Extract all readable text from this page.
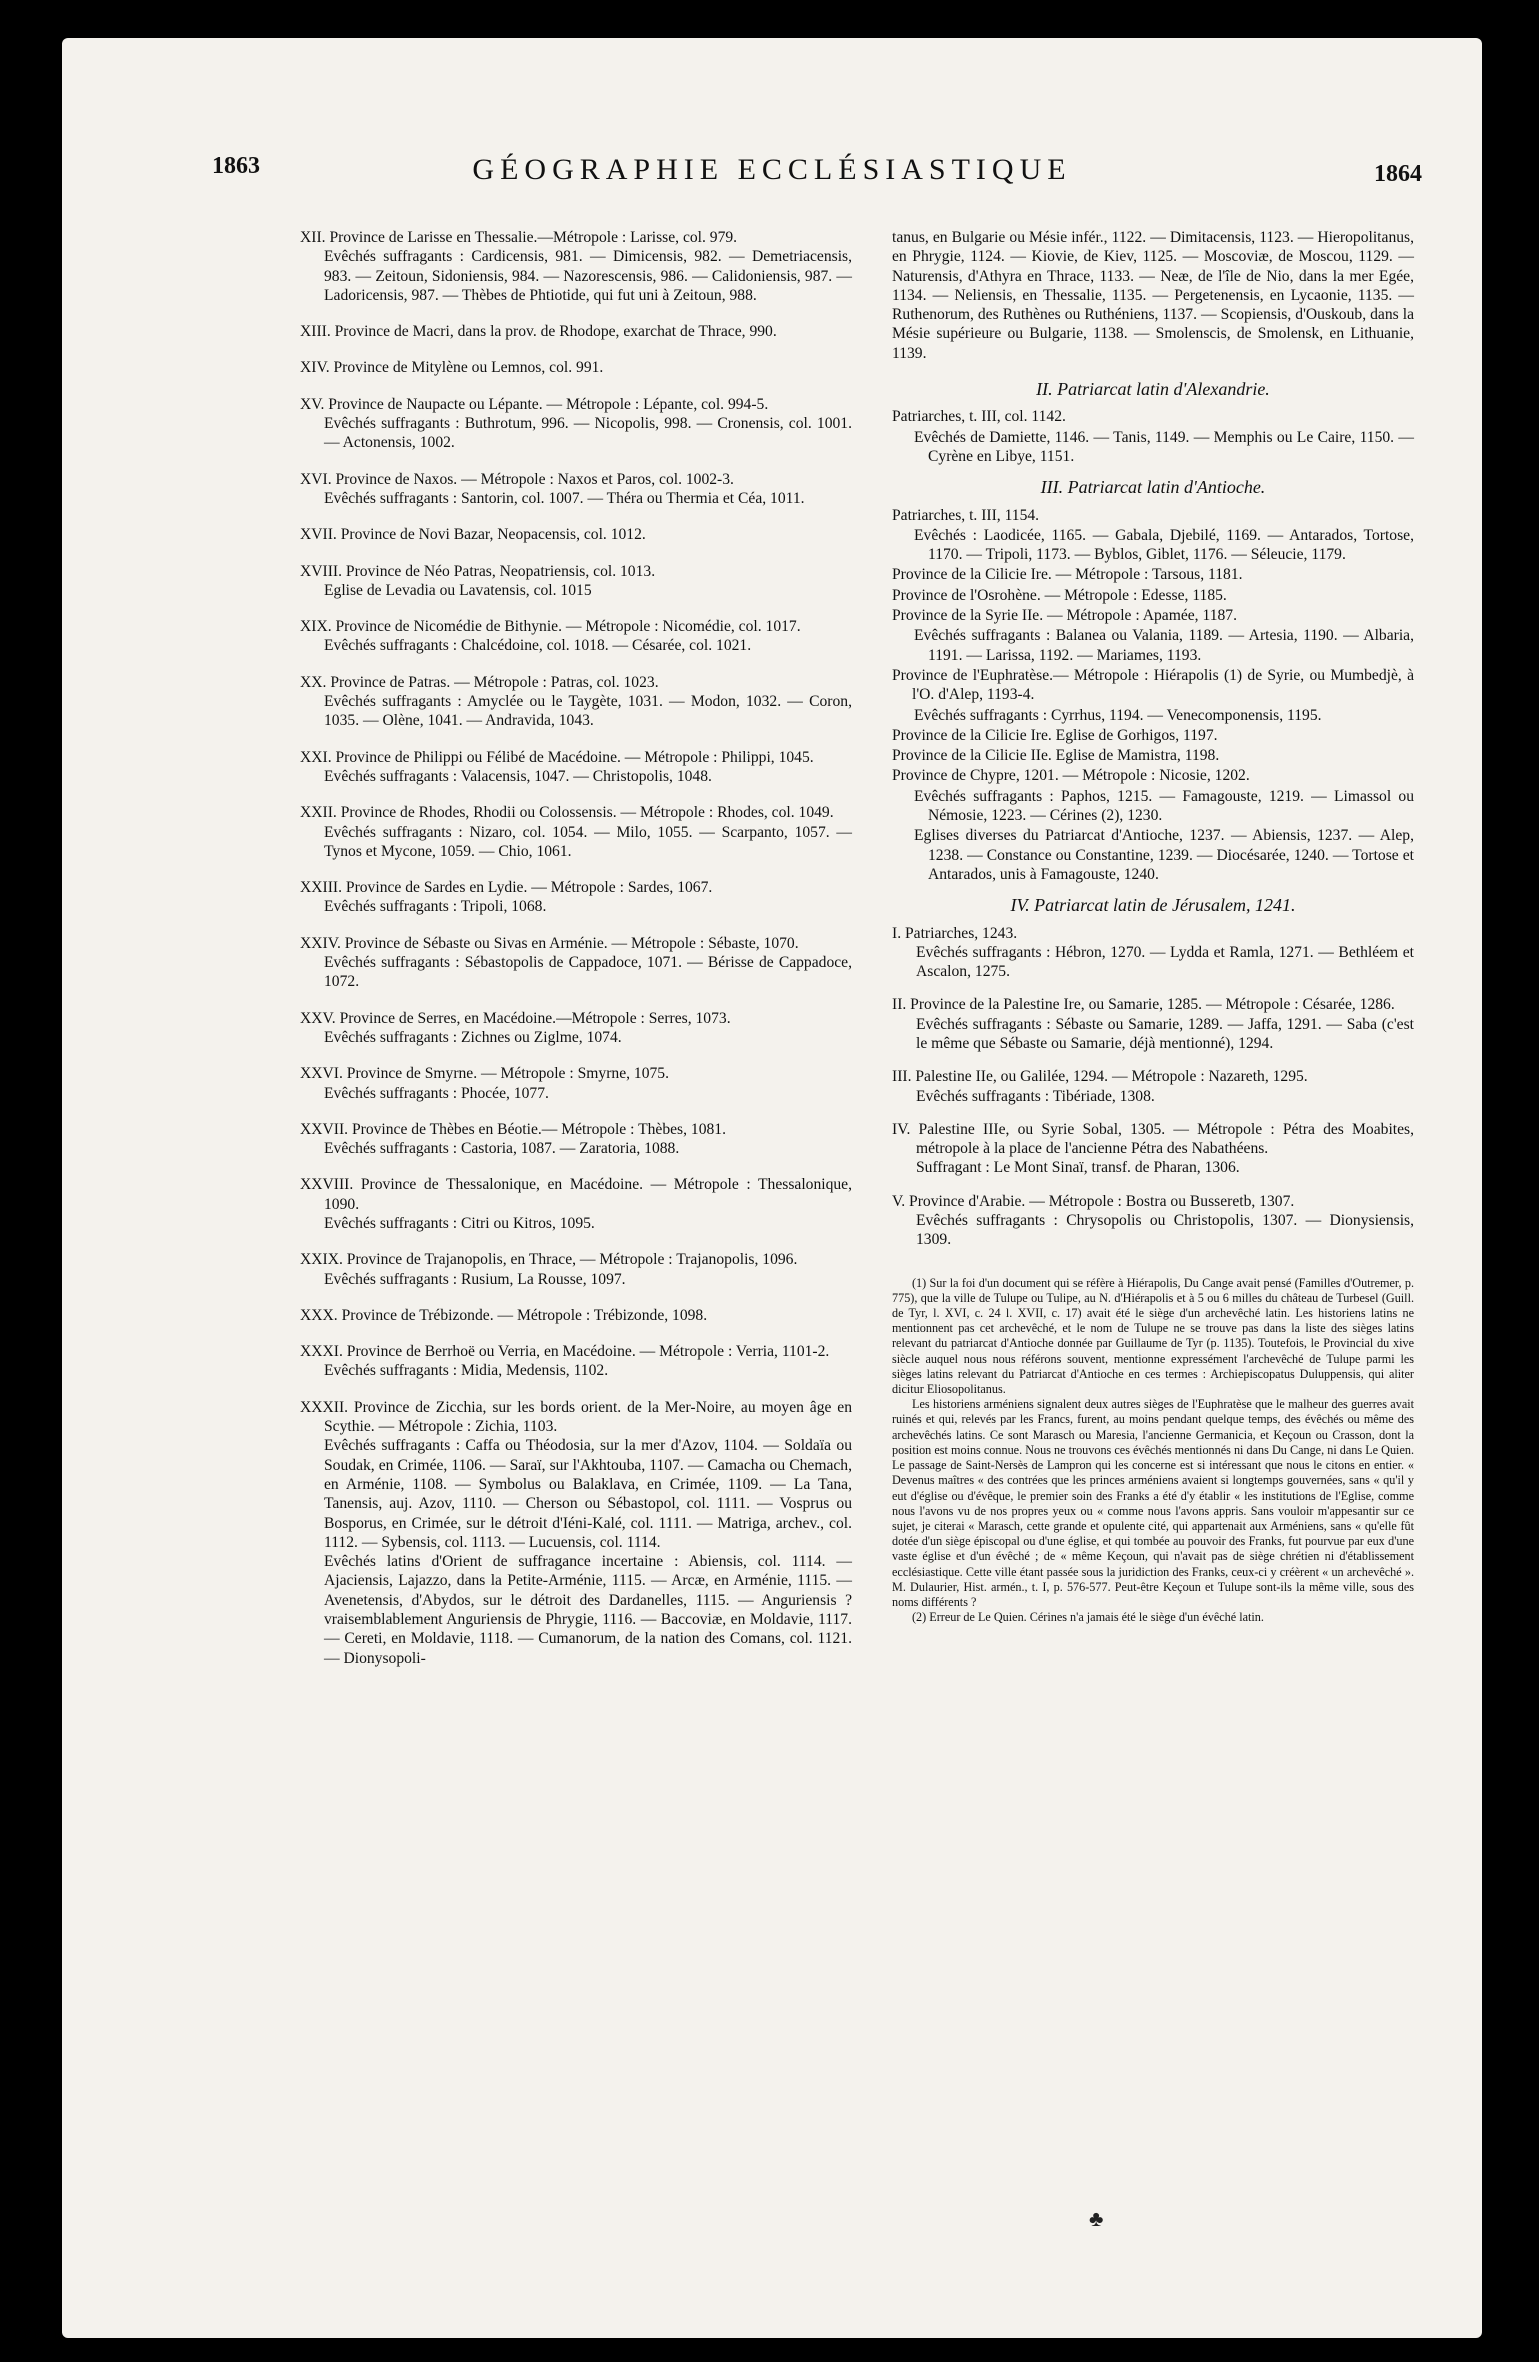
1863	GÉOGRAPHIE ECCLÉSIASTIQUE	1864

XII. Province de Larisse en Thessalie.—Métropole : Larisse, col. 979.

Evêchés suffragants : Cardicensis, 981. — Dimicensis, 982. — Demetriacensis, 983. — Zeitoun, Sidoniensis, 984. — Nazorescensis, 986. — Calidoniensis, 987. — Ladoricensis, 987. — Thèbes de Phtiotide, qui fut uni à Zeitoun, 988.

XIII. Province de Macri, dans la prov. de Rhodope, exarchat de Thrace, 990.

XIV. Province de Mitylène ou Lemnos, col. 991.

XV. Province de Naupacte ou Lépante. — Métropole : Lépante, col. 994-5.

Evêchés suffragants : Buthrotum, 996. — Nicopolis, 998. — Cronensis, col. 1001. — Actonensis, 1002.

XVI. Province de Naxos. — Métropole : Naxos et Paros, col. 1002-3.

Evêchés suffragants : Santorin, col. 1007. — Théra ou Thermia et Céa, 1011.

XVII. Province de Novi Bazar, Neopacensis, col. 1012.

XVIII. Province de Néo Patras, Neopatriensis, col. 1013.

Eglise de Levadia ou Lavatensis, col. 1015

XIX. Province de Nicomédie de Bithynie. — Métropole : Nicomédie, col. 1017.

Evêchés suffragants : Chalcédoine, col. 1018. — Césarée, col. 1021.

XX. Province de Patras. — Métropole : Patras, col. 1023.

Evêchés suffragants : Amyclée ou le Taygète, 1031. — Modon, 1032. — Coron, 1035. — Olène, 1041. — Andravida, 1043.

XXI. Province de Philippi ou Félibé de Macédoine. — Métropole : Philippi, 1045.

Evêchés suffragants : Valacensis, 1047. — Christopolis, 1048.

XXII. Province de Rhodes, Rhodii ou Colossensis. — Métropole : Rhodes, col. 1049.

Evêchés suffragants : Nizaro, col. 1054. — Milo, 1055. — Scarpanto, 1057. — Tynos et Mycone, 1059. — Chio, 1061.

XXIII. Province de Sardes en Lydie. — Métropole : Sardes, 1067.

Evêchés suffragants : Tripoli, 1068.

XXIV. Province de Sébaste ou Sivas en Arménie. — Métropole : Sébaste, 1070.

Evêchés suffragants : Sébastopolis de Cappadoce, 1071. — Bérisse de Cappadoce, 1072.

XXV. Province de Serres, en Macédoine.—Métropole : Serres, 1073.

Evêchés suffragants : Zichnes ou Ziglme, 1074.

XXVI. Province de Smyrne. — Métropole : Smyrne, 1075.

Evêchés suffragants : Phocée, 1077.

XXVII. Province de Thèbes en Béotie.— Métropole : Thèbes, 1081.

Evêchés suffragants : Castoria, 1087. — Zaratoria, 1088.

XXVIII. Province de Thessalonique, en Macédoine. — Métropole : Thessalonique, 1090.

Evêchés suffragants : Citri ou Kitros, 1095.

XXIX. Province de Trajanopolis, en Thrace, — Métropole : Trajanopolis, 1096.

Evêchés suffragants : Rusium, La Rousse, 1097.

XXX. Province de Trébizonde. — Métropole : Trébizonde, 1098.

XXXI. Province de Berrhoë ou Verria, en Macédoine. — Métropole : Verria, 1101-2.

Evêchés suffragants : Midia, Medensis, 1102.

XXXII. Province de Zicchia, sur les bords orient. de la Mer-Noire, au moyen âge en Scythie. — Métropole : Zichia, 1103.

Evêchés suffragants : Caffa ou Théodosia, sur la mer d'Azov, 1104. — Soldaïa ou Soudak, en Crimée, 1106. — Saraï, sur l'Akhtouba, 1107. — Camacha ou Chemach, en Arménie, 1108. — Symbolus ou Balaklava, en Crimée, 1109. — La Tana, Tanensis, auj. Azov, 1110. — Cherson ou Sébastopol, col. 1111. — Vosprus ou Bosporus, en Crimée, sur le détroit d'Iéni-Kalé, col. 1111. — Matriga, archev., col. 1112. — Sybensis, col. 1113. — Lucuensis, col. 1114.

Evêchés latins d'Orient de suffragance incertaine : Abiensis, col. 1114. — Ajaciensis, Lajazzo, dans la Petite-Arménie, 1115. — Arcæ, en Arménie, 1115. — Avenetensis, d'Abydos, sur le détroit des Dardanelles, 1115. — Anguriensis ? vraisemblablement Anguriensis de Phrygie, 1116. — Baccoviæ, en Moldavie, 1117. — Cereti, en Moldavie, 1118. — Cumanorum, de la nation des Comans, col. 1121. — Dionysopoli-

tanus, en Bulgarie ou Mésie infér., 1122. — Dimitacensis, 1123. — Hieropolitanus, en Phrygie, 1124. — Kiovie, de Kiev, 1125. — Moscoviæ, de Moscou, 1129. — Naturensis, d'Athyra en Thrace, 1133. — Neæ, de l'île de Nio, dans la mer Egée, 1134. — Neliensis, en Thessalie, 1135. — Pergetenensis, en Lycaonie, 1135. — Ruthenorum, des Ruthènes ou Ruthéniens, 1137. — Scopiensis, d'Ouskoub, dans la Mésie supérieure ou Bulgarie, 1138. — Smolenscis, de Smolensk, en Lithuanie, 1139.

II. Patriarcat latin d'Alexandrie.

Patriarches, t. III, col. 1142.

Evêchés de Damiette, 1146. — Tanis, 1149. — Memphis ou Le Caire, 1150. — Cyrène en Libye, 1151.

III. Patriarcat latin d'Antioche.

Patriarches, t. III, 1154.

Evêchés : Laodicée, 1165. — Gabala, Djebilé, 1169. — Antarados, Tortose, 1170. — Tripoli, 1173. — Byblos, Giblet, 1176. — Séleucie, 1179.

Province de la Cilicie Ire. — Métropole : Tarsous, 1181.

Province de l'Osrohène. — Métropole : Edesse, 1185.

Province de la Syrie IIe. — Métropole : Apamée, 1187.

Evêchés suffragants : Balanea ou Valania, 1189. — Artesia, 1190. — Albaria, 1191. — Larissa, 1192. — Mariames, 1193.

Province de l'Euphratèse.— Métropole : Hiérapolis (1) de Syrie, ou Mumbedjè, à l'O. d'Alep, 1193-4.

Evêchés suffragants : Cyrrhus, 1194. — Venecomponensis, 1195.

Province de la Cilicie Ire. Eglise de Gorhigos, 1197.

Province de la Cilicie IIe. Eglise de Mamistra, 1198.

Province de Chypre, 1201. — Métropole : Nicosie, 1202.

Evêchés suffragants : Paphos, 1215. — Famagouste, 1219. — Limassol ou Némosie, 1223. — Cérines (2), 1230.

Eglises diverses du Patriarcat d'Antioche, 1237. — Abiensis, 1237. — Alep, 1238. — Constance ou Constantine, 1239. — Diocésarée, 1240. — Tortose et Antarados, unis à Famagouste, 1240.

IV. Patriarcat latin de Jérusalem, 1241.

I. Patriarches, 1243.

Evêchés suffragants : Hébron, 1270. — Lydda et Ramla, 1271. — Bethléem et Ascalon, 1275.

II. Province de la Palestine Ire, ou Samarie, 1285. — Métropole : Césarée, 1286.

Evêchés suffragants : Sébaste ou Samarie, 1289. — Jaffa, 1291. — Saba (c'est le même que Sébaste ou Samarie, déjà mentionné), 1294.

III. Palestine IIe, ou Galilée, 1294. — Métropole : Nazareth, 1295.

Evêchés suffragants : Tibériade, 1308.

IV. Palestine IIIe, ou Syrie Sobal, 1305. — Métropole : Pétra des Moabites, métropole à la place de l'ancienne Pétra des Nabathéens.

Suffragant : Le Mont Sinaï, transf. de Pharan, 1306.

V. Province d'Arabie. — Métropole : Bostra ou Busseretb, 1307.

Evêchés suffragants : Chrysopolis ou Christopolis, 1307. — Dionysiensis, 1309.

(1) Sur la foi d'un document qui se réfère à Hiérapolis, Du Cange avait pensé (Familles d'Outremer, p. 775), que la ville de Tulupe ou Tulipe, au N. d'Hiérapolis et à 5 ou 6 milles du château de Turbesel (Guill. de Tyr, l. XVI, c. 24 l. XVII, c. 17) avait été le siège d'un archevêché latin. Les historiens latins ne mentionnent pas cet archevêché, et le nom de Tulupe ne se trouve pas dans la liste des sièges latins relevant du patriarcat d'Antioche donnée par Guillaume de Tyr (p. 1135). Toutefois, le Provincial du xive siècle auquel nous nous référons souvent, mentionne expressément l'archevêché de Tulupe parmi les sièges latins relevant du Patriarcat d'Antioche en ces termes : Archiepiscopatus Duluppensis, qui aliter dicitur Eliosopolitanus.

Les historiens arméniens signalent deux autres sièges de l'Euphratèse que le malheur des guerres avait ruinés et qui, relevés par les Francs, furent, au moins pendant quelque temps, des évêchés ou même des archevêchés latins. Ce sont Marasch ou Maresia, l'ancienne Germanicia, et Keçoun ou Crasson, dont la position est moins connue. Nous ne trouvons ces évêchés mentionnés ni dans Du Cange, ni dans Le Quien. Le passage de Saint-Nersès de Lampron qui les concerne est si intéressant que nous le citons en entier. « Devenus maîtres « des contrées que les princes arméniens avaient si longtemps gouvernées, sans « qu'il y eut d'église ou d'évêque, le premier soin des Franks a été d'y établir « les institutions de l'Eglise, comme nous l'avons vu de nos propres yeux ou « comme nous l'avons appris. Sans vouloir m'appesantir sur ce sujet, je citerai « Marasch, cette grande et opulente cité, qui appartenait aux Arméniens, sans « qu'elle fût dotée d'un siège épiscopal ou d'une église, et qui tombée au pouvoir des Franks, fut pourvue par eux d'une vaste église et d'un évêché ; de « même Keçoun, qui n'avait pas de siège chrétien ni d'établissement ecclésiastique. Cette ville étant passée sous la juridiction des Franks, ceux-ci y créèrent « un archevêché ». M. Dulaurier, Hist. armén., t. I, p. 576-577. Peut-être Keçoun et Tulupe sont-ils la même ville, sous des noms différents ?

(2) Erreur de Le Quien. Cérines n'a jamais été le siège d'un évêché latin.

♣
